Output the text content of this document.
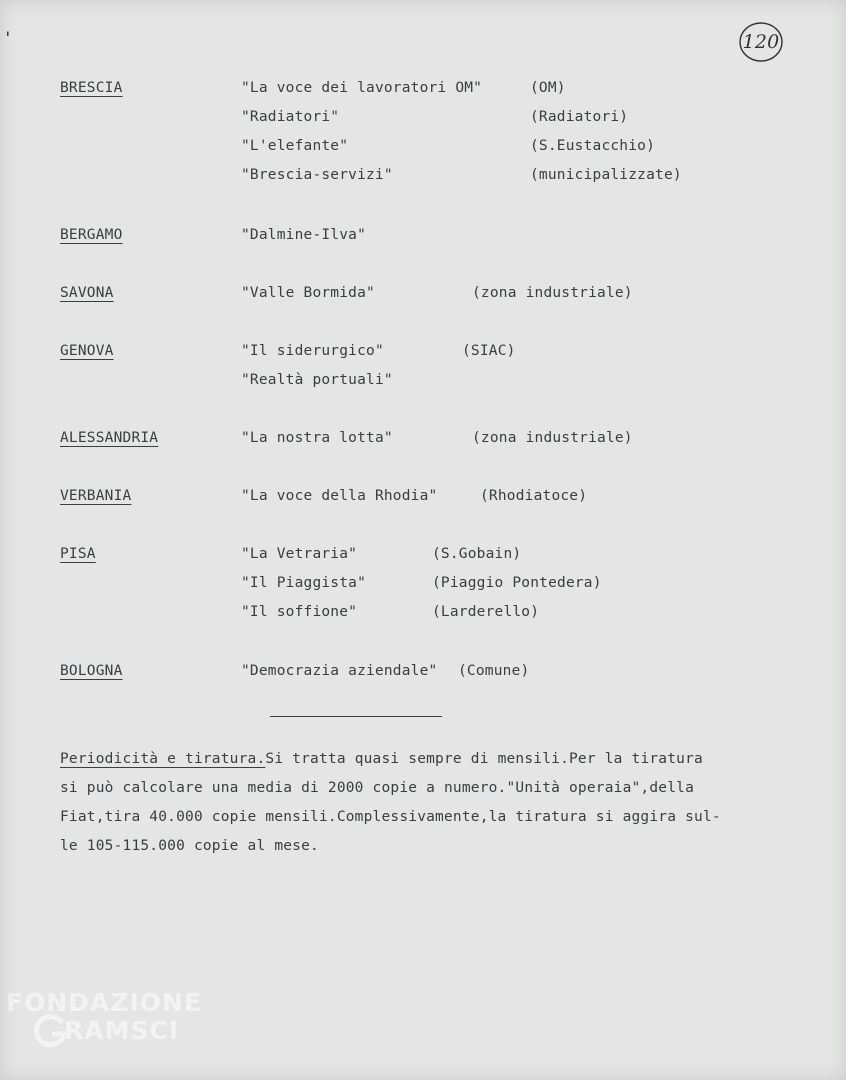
'	120
BRESCIA	"La voce dei lavoratori OM"	(OM)
"Radiatori"	(Radiatori)
"L'elefante"	(S.Eustacchio)
"Brescia-servizi"	(municipalizzate)
BERGAMO	"Dalmine-Ilva"
SAVONA	"Valle Bormida"	(zona industriale)
GENOVA	"Il siderurgico"	(SIAC)
"Realtà portuali"
ALESSANDRIA	"La nostra lotta"	(zona industriale)
VERBANIA	"La voce della Rhodia"	(Rhodiatoce)
PISA	"La Vetraria"	(S.Gobain)
"Il Piaggista"	(Piaggio Pontedera)
"Il soffione"	(Larderello)
BOLOGNA	"Democrazia aziendale" (Comune)
Periodicità e tiratura.Si tratta quasi sempre di mensili.Per la tiratura
si può calcolare una media di 2000 copie a numero."Unità operaia",della
Fiat,tira 40.000 copie mensili.Complessivamente,la tiratura si aggira sul-
le 105-115.000 copie al mese.
FONDAZIONE
RAMSCI
